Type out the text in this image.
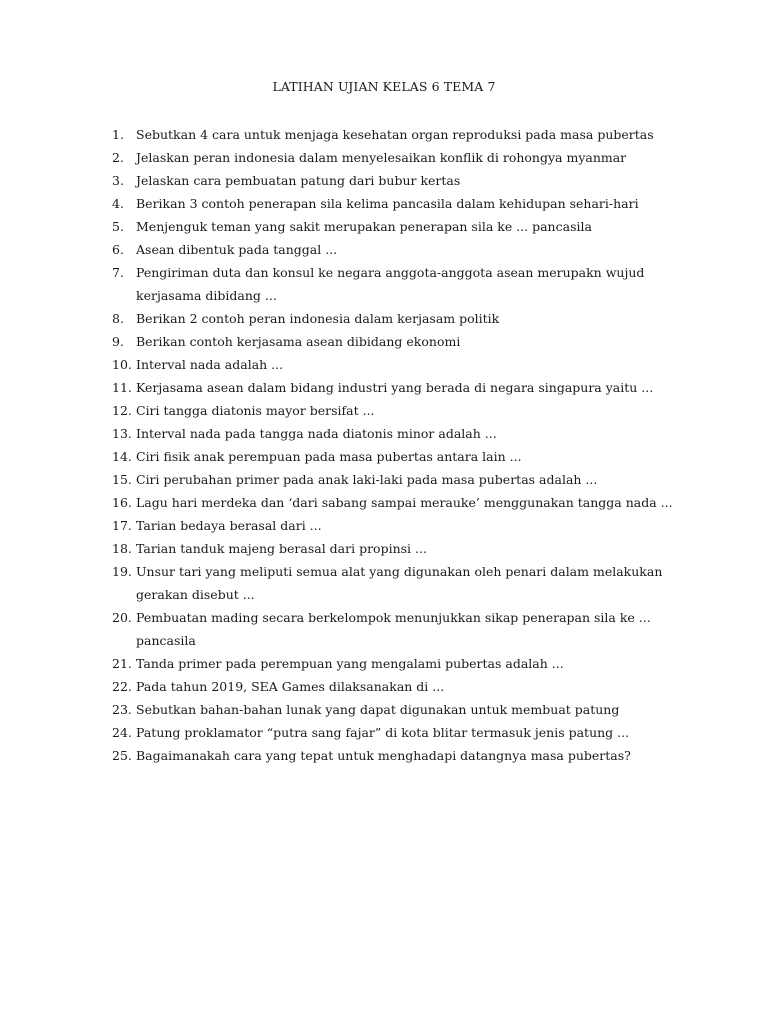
LATIHAN UJIAN KELAS 6 TEMA 7
1. Sebutkan 4 cara untuk menjaga kesehatan organ reproduksi pada masa pubertas
2. Jelaskan peran indonesia dalam menyelesaikan konflik di rohongya myanmar
3. Jelaskan cara pembuatan patung dari bubur kertas
4. Berikan 3 contoh penerapan sila kelima pancasila dalam kehidupan sehari-hari
5. Menjenguk teman yang sakit merupakan penerapan sila ke ... pancasila
6. Asean dibentuk pada tanggal ...
7. Pengiriman duta dan konsul ke negara anggota-anggota asean merupakn wujud
kerjasama dibidang ...
8. Berikan 2 contoh peran indonesia dalam kerjasam politik
9. Berikan contoh kerjasama asean dibidang ekonomi
10. Interval nada adalah ...
11. Kerjasama asean dalam bidang industri yang berada di negara singapura yaitu ...
12. Ciri tangga diatonis mayor bersifat ...
13. Interval nada pada tangga nada diatonis minor adalah ...
14. Ciri fisik anak perempuan pada masa pubertas antara lain ...
15. Ciri perubahan primer pada anak laki-laki pada masa pubertas adalah ...
16. Lagu hari merdeka dan ‘dari sabang sampai merauke’ menggunakan tangga nada ...
17. Tarian bedaya berasal dari ...
18. Tarian tanduk majeng berasal dari propinsi ...
19. Unsur tari yang meliputi semua alat yang digunakan oleh penari dalam melakukan
gerakan disebut ...
20. Pembuatan mading secara berkelompok menunjukkan sikap penerapan sila ke ...
pancasila
21. Tanda primer pada perempuan yang mengalami pubertas adalah ...
22. Pada tahun 2019, SEA Games dilaksanakan di ...
23. Sebutkan bahan-bahan lunak yang dapat digunakan untuk membuat patung
24. Patung proklamator “putra sang fajar” di kota blitar termasuk jenis patung ...
25. Bagaimanakah cara yang tepat untuk menghadapi datangnya masa pubertas?
